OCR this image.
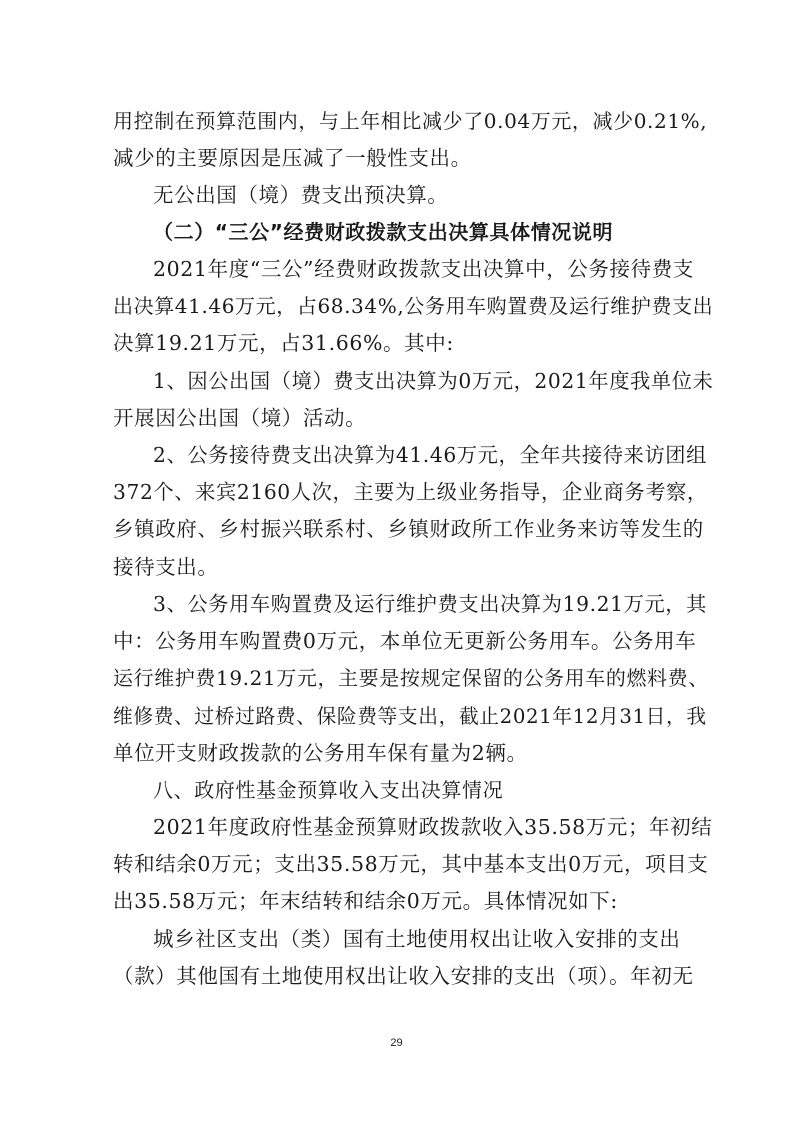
用控制在预算范围内，与上年相比减少了0.04万元，减少0.21%,
减少的主要原因是压减了一般性支出。
无公出国（境）费支出预决算。
（二）“三公”经费财政拨款支出决算具体情况说明
2021年度“三公”经费财政拨款支出决算中，公务接待费支
出决算41.46万元，占68.34%,公务用车购置费及运行维护费支出
决算19.21万元，占31.66%。其中:
1、因公出国（境）费支出决算为0万元，2021年度我单位未
开展因公出国（境）活动。
2、公务接待费支出决算为41.46万元，全年共接待来访团组
372个、来宾2160人次，主要为上级业务指导，企业商务考察，
乡镇政府、乡村振兴联系村、乡镇财政所工作业务来访等发生的
接待支出。
3、公务用车购置费及运行维护费支出决算为19.21万元，其
中：公务用车购置费0万元，本单位无更新公务用车。公务用车
运行维护费19.21万元，主要是按规定保留的公务用车的燃料费、
维修费、过桥过路费、保险费等支出，截止2021年12月31日，我
单位开支财政拨款的公务用车保有量为2辆。
八、政府性基金预算收入支出决算情况
2021年度政府性基金预算财政拨款收入35.58万元；年初结
转和结余0万元；支出35.58万元，其中基本支出0万元，项目支
出35.58万元；年末结转和结余0万元。具体情况如下:
城乡社区支出（类）国有土地使用权出让收入安排的支出
（款）其他国有土地使用权出让收入安排的支出（项）。年初无
29
